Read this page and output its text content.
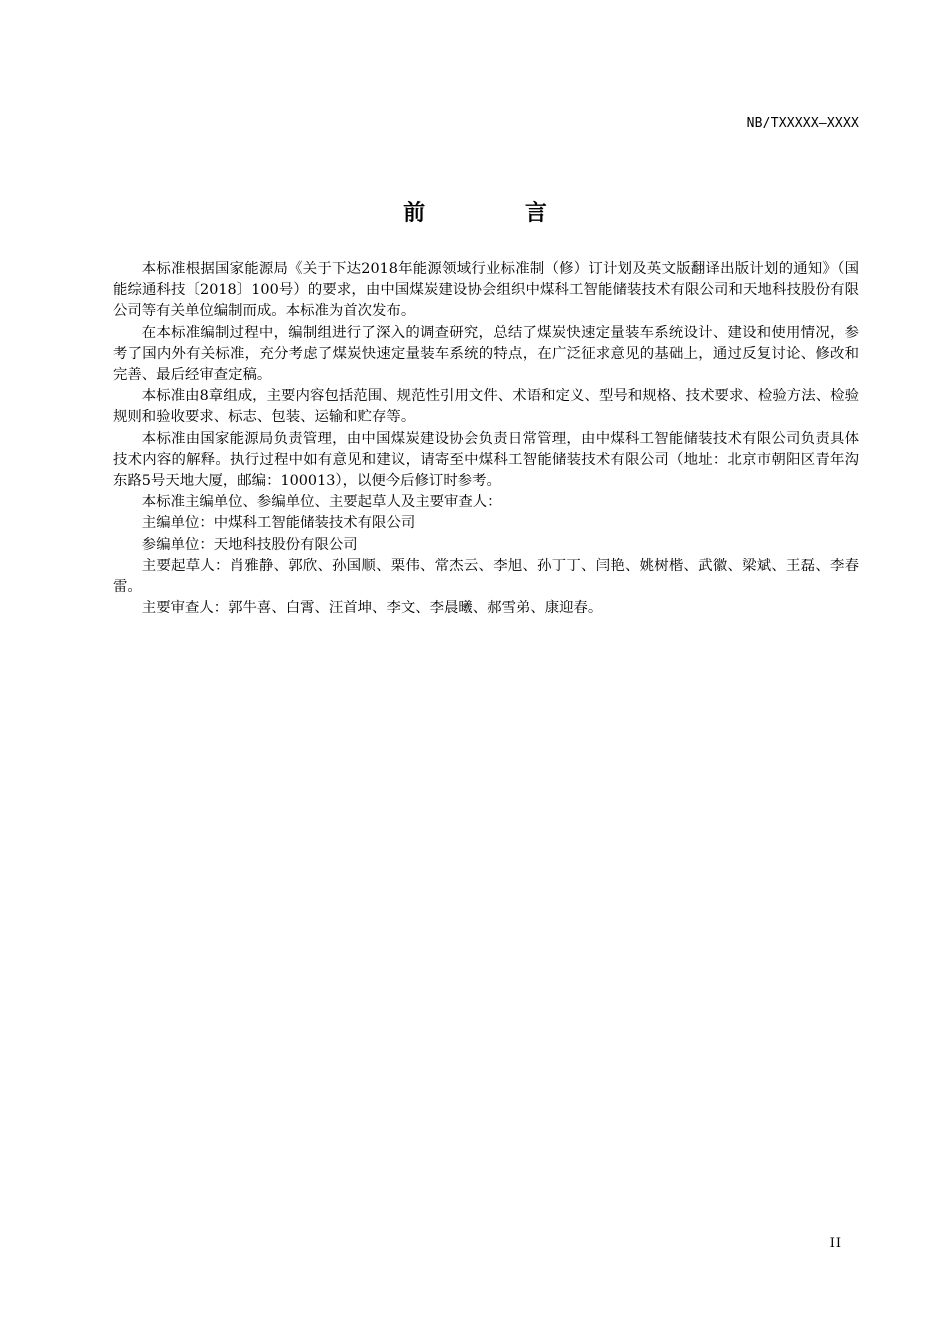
NB/TXXXXX—XXXX
前 言

本标准根据国家能源局《关于下达2018年能源领域行业标准制（修）订计划及英文版翻译出版计划的通知》（国能综通科技〔2018〕100号）的要求，由中国煤炭建设协会组织中煤科工智能储装技术有限公司和天地科技股份有限公司等有关单位编制而成。本标准为首次发布。

在本标准编制过程中，编制组进行了深入的调查研究，总结了煤炭快速定量装车系统设计、建设和使用情况，参考了国内外有关标准，充分考虑了煤炭快速定量装车系统的特点，在广泛征求意见的基础上，通过反复讨论、修改和完善、最后经审查定稿。

本标准由8章组成，主要内容包括范围、规范性引用文件、术语和定义、型号和规格、技术要求、检验方法、检验规则和验收要求、标志、包装、运输和贮存等。

本标准由国家能源局负责管理，由中国煤炭建设协会负责日常管理，由中煤科工智能储装技术有限公司负责具体技术内容的解释。执行过程中如有意见和建议，请寄至中煤科工智能储装技术有限公司（地址：北京市朝阳区青年沟东路5号天地大厦，邮编：100013），以便今后修订时参考。

本标准主编单位、参编单位、主要起草人及主要审查人：

主编单位：中煤科工智能储装技术有限公司

参编单位：天地科技股份有限公司

主要起草人：肖雅静、郭欣、孙国顺、栗伟、常杰云、李旭、孙丁丁、闫艳、姚树楷、武徽、梁斌、王磊、李春雷。

主要审查人：郭牛喜、白霄、汪首坤、李文、李晨曦、郝雪弟、康迎春。

II
